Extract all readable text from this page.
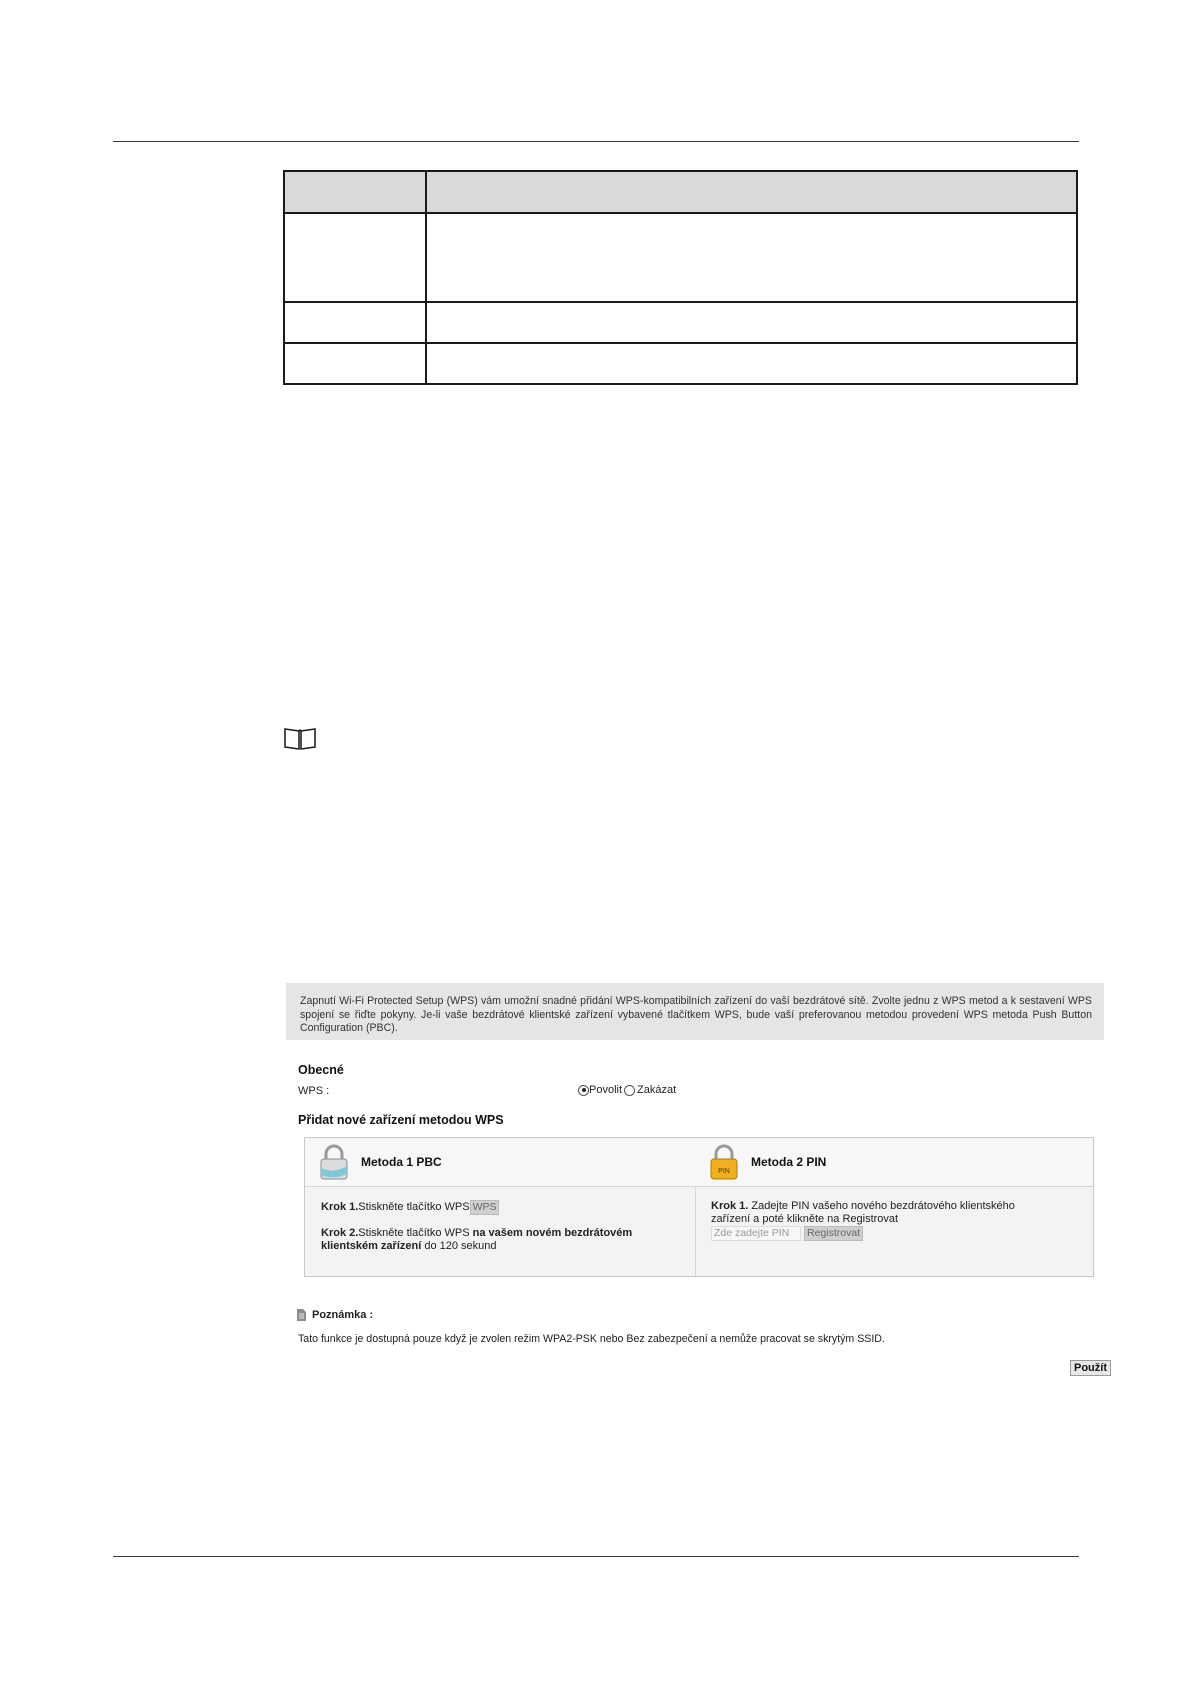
Zapnutí Wi-Fi Protected Setup (WPS) vám umožní snadné přidání WPS-kompatibilních zařízení do vaší bezdrátové sítě. Zvolte jednu z WPS metod a k sestavení WPS spojení se řiďte pokyny. Je-li vaše bezdrátové klientské zařízení vybavené tlačítkem WPS, bude vaší preferovanou metodou provedení WPS metoda Push Button Configuration (PBC).
Obecné
WPS :	Povolit Zakázat
Přidat nové zařízení metodou WPS
Metoda 1 PBC
Krok 1.Stiskněte tlačítko WPS WPS
Krok 2.Stiskněte tlačítko WPS na vašem novém bezdrátovém klientském zařízení do 120 sekund
PIN
Metoda 2 PIN
Krok 1. Zadejte PIN vašeho nového bezdrátového klientského zařízení a poté klikněte na Registrovat
Zde zadejte PIN Registrovat
Poznámka :
Tato funkce je dostupná pouze když je zvolen režim WPA2-PSK nebo Bez zabezpečení a nemůže pracovat se skrytým SSID.
Použít
